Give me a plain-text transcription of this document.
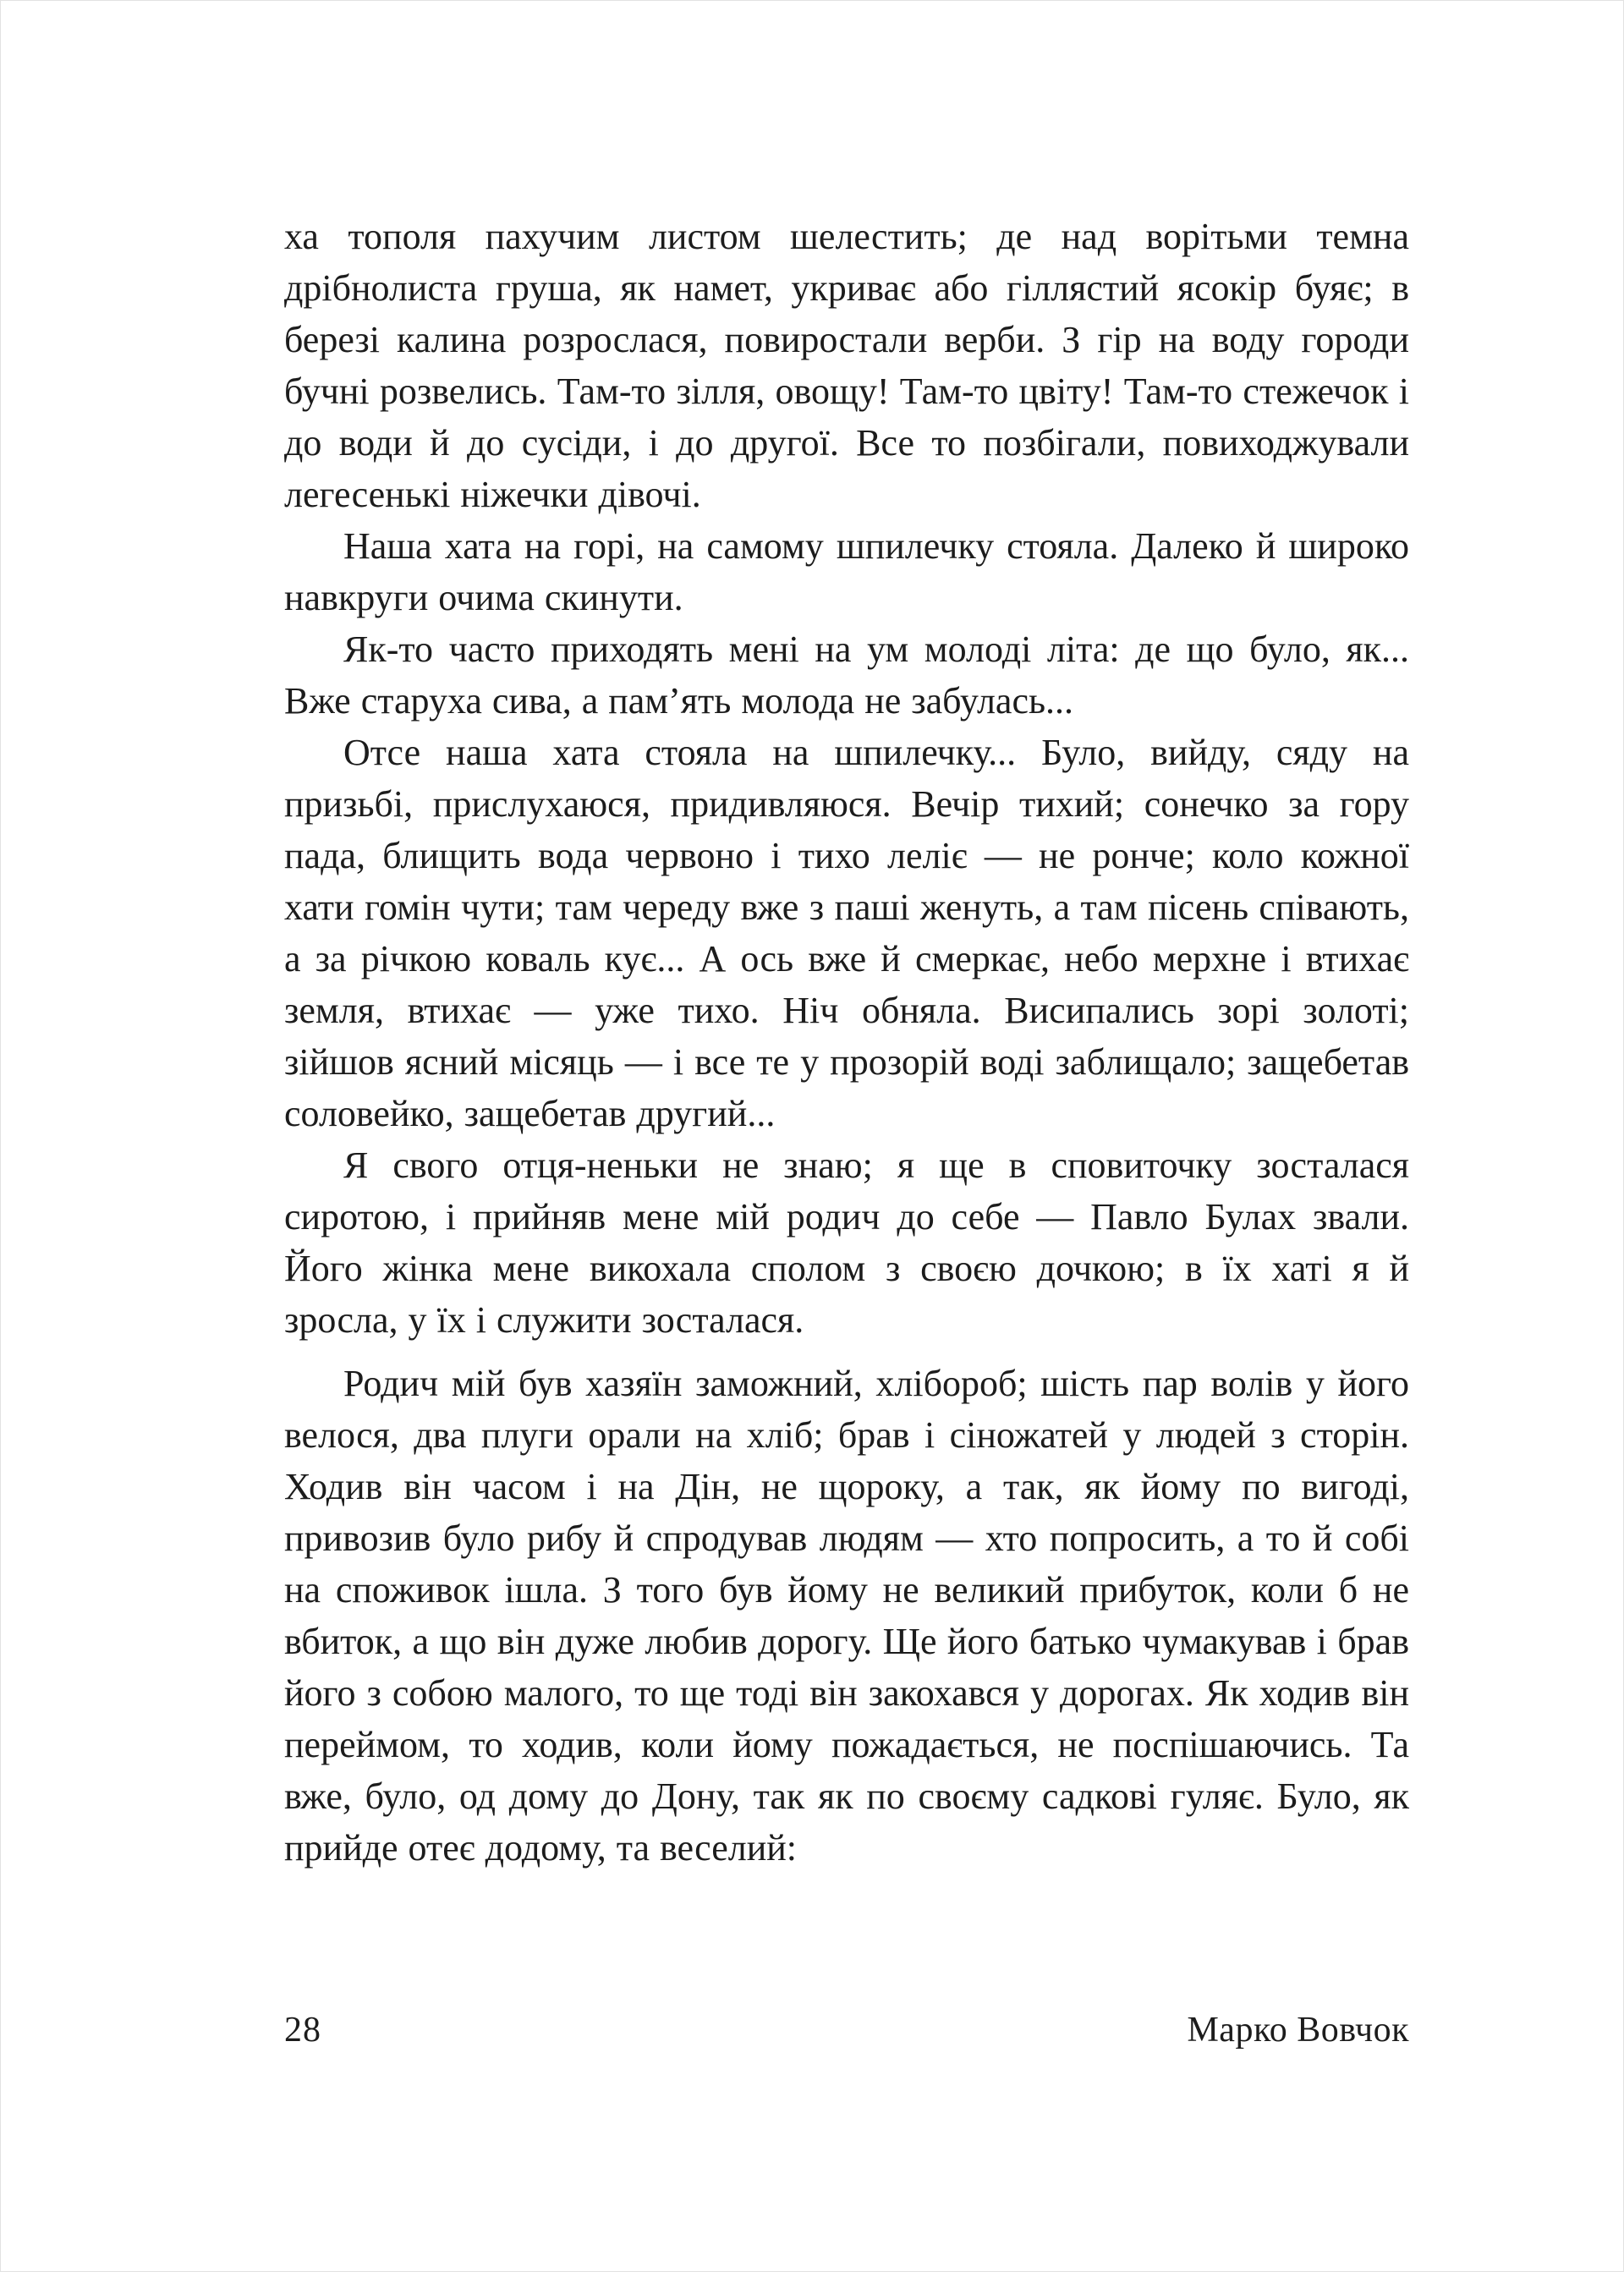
ха тополя пахучим листом шелестить; де над ворітьми темна дрібнолиста груша, як намет, укриває або гіллястий ясокір буяє; в березі калина розрослася, повиростали верби. З гір на воду городи бучні розвелись. Там-то зілля, овощу! Там-то цвіту! Там-то стежечок і до води й до сусіди, і до другої. Все то позбігали, повиходжували легесенькі ніжечки дівочі.

Наша хата на горі, на самому шпилечку стояла. Далеко й широко навкруги очима скинути.

Як-то часто приходять мені на ум молоді літа: де що було, як... Вже старуха сива, а пам’ять молода не забулась...

Отсе наша хата стояла на шпилечку... Було, вийду, сяду на призьбі, прислухаюся, придивляюся. Вечір тихий; сонечко за гору пада, блищить вода червоно і тихо леліє — не ронче; коло кожної хати гомін чути; там череду вже з паші женуть, а там пісень співають, а за річкою коваль кує... А ось вже й смеркає, небо мерхне і втихає земля, втихає — уже тихо. Ніч обняла. Висипались зорі золоті; зійшов ясний місяць — і все те у прозорій воді заблищало; защебетав соловейко, защебетав другий...

Я свого отця-неньки не знаю; я ще в сповиточку зосталася сиротою, і прийняв мене мій родич до себе — Павло Булах звали. Його жінка мене викохала сполом з своєю дочкою; в їх хаті я й зросла, у їх і служити зосталася.

Родич мій був хазяїн заможний, хлібороб; шість пар волів у його велося, два плуги орали на хліб; брав і сіножатей у людей з сторін. Ходив він часом і на Дін, не щороку, а так, як йому по вигоді, привозив було рибу й спродував людям — хто попросить, а то й собі на споживок ішла. З того був йому не великий прибуток, коли б не вбиток, а що він дуже любив дорогу. Ще його батько чумакував і брав його з собою малого, то ще тоді він закохався у дорогах. Як ходив він переймом, то ходив, коли йому пожадається, не поспішаючись. Та вже, було, од дому до Дону, так як по своєму садкові гуляє. Було, як прийде отеє додому, та веселий:

28	Марко Вовчок
